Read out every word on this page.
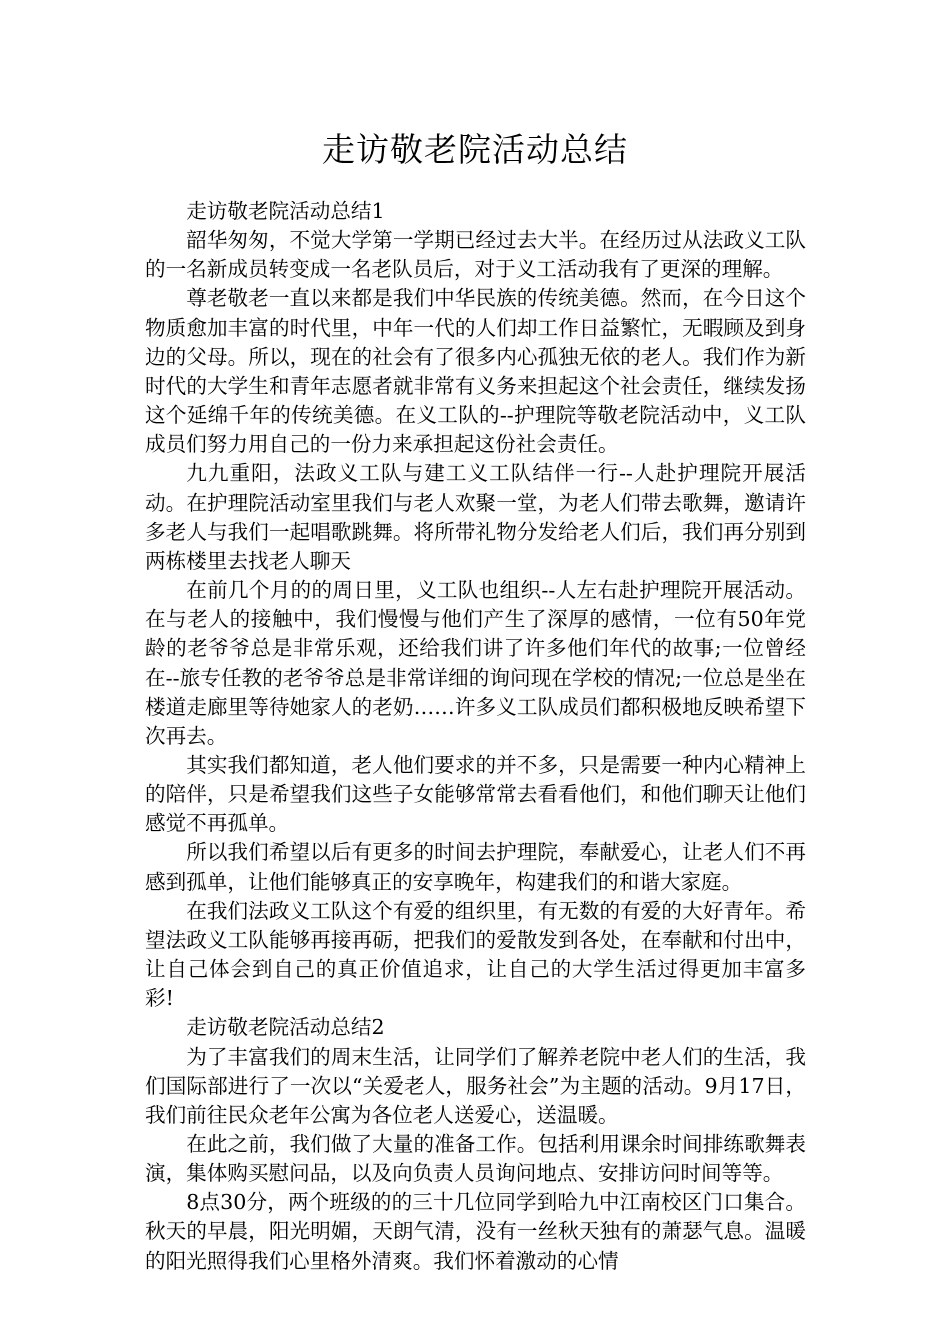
走访敬老院活动总结

走访敬老院活动总结1

韶华匆匆，不觉大学第一学期已经过去大半。在经历过从法政义工队的一名新成员转变成一名老队员后，对于义工活动我有了更深的理解。

尊老敬老一直以来都是我们中华民族的传统美德。然而，在今日这个物质愈加丰富的时代里，中年一代的人们却工作日益繁忙，无暇顾及到身边的父母。所以，现在的社会有了很多内心孤独无依的老人。我们作为新时代的大学生和青年志愿者就非常有义务来担起这个社会责任，继续发扬这个延绵千年的传统美德。在义工队的--护理院等敬老院活动中，义工队成员们努力用自己的一份力来承担起这份社会责任。

九九重阳，法政义工队与建工义工队结伴一行--人赴护理院开展活动。在护理院活动室里我们与老人欢聚一堂，为老人们带去歌舞，邀请许多老人与我们一起唱歌跳舞。将所带礼物分发给老人们后，我们再分别到两栋楼里去找老人聊天

在前几个月的的周日里，义工队也组织--人左右赴护理院开展活动。在与老人的接触中，我们慢慢与他们产生了深厚的感情，一位有50年党龄的老爷爷总是非常乐观，还给我们讲了许多他们年代的故事;一位曾经在--旅专任教的老爷爷总是非常详细的询问现在学校的情况;一位总是坐在楼道走廊里等待她家人的老奶……许多义工队成员们都积极地反映希望下次再去。

其实我们都知道，老人他们要求的并不多，只是需要一种内心精神上的陪伴，只是希望我们这些子女能够常常去看看他们，和他们聊天让他们感觉不再孤单。

所以我们希望以后有更多的时间去护理院，奉献爱心，让老人们不再感到孤单，让他们能够真正的安享晚年，构建我们的和谐大家庭。

在我们法政义工队这个有爱的组织里，有无数的有爱的大好青年。希望法政义工队能够再接再砺，把我们的爱散发到各处，在奉献和付出中，让自己体会到自己的真正价值追求，让自己的大学生活过得更加丰富多彩!

走访敬老院活动总结2

为了丰富我们的周末生活，让同学们了解养老院中老人们的生活，我们国际部进行了一次以“关爱老人，服务社会”为主题的活动。9月17日，我们前往民众老年公寓为各位老人送爱心，送温暖。

在此之前，我们做了大量的准备工作。包括利用课余时间排练歌舞表演，集体购买慰问品，以及向负责人员询问地点、安排访问时间等等。

8点30分，两个班级的的三十几位同学到哈九中江南校区门口集合。秋天的早晨，阳光明媚，天朗气清，没有一丝秋天独有的萧瑟气息。温暖的阳光照得我们心里格外清爽。我们怀着激动的心情
